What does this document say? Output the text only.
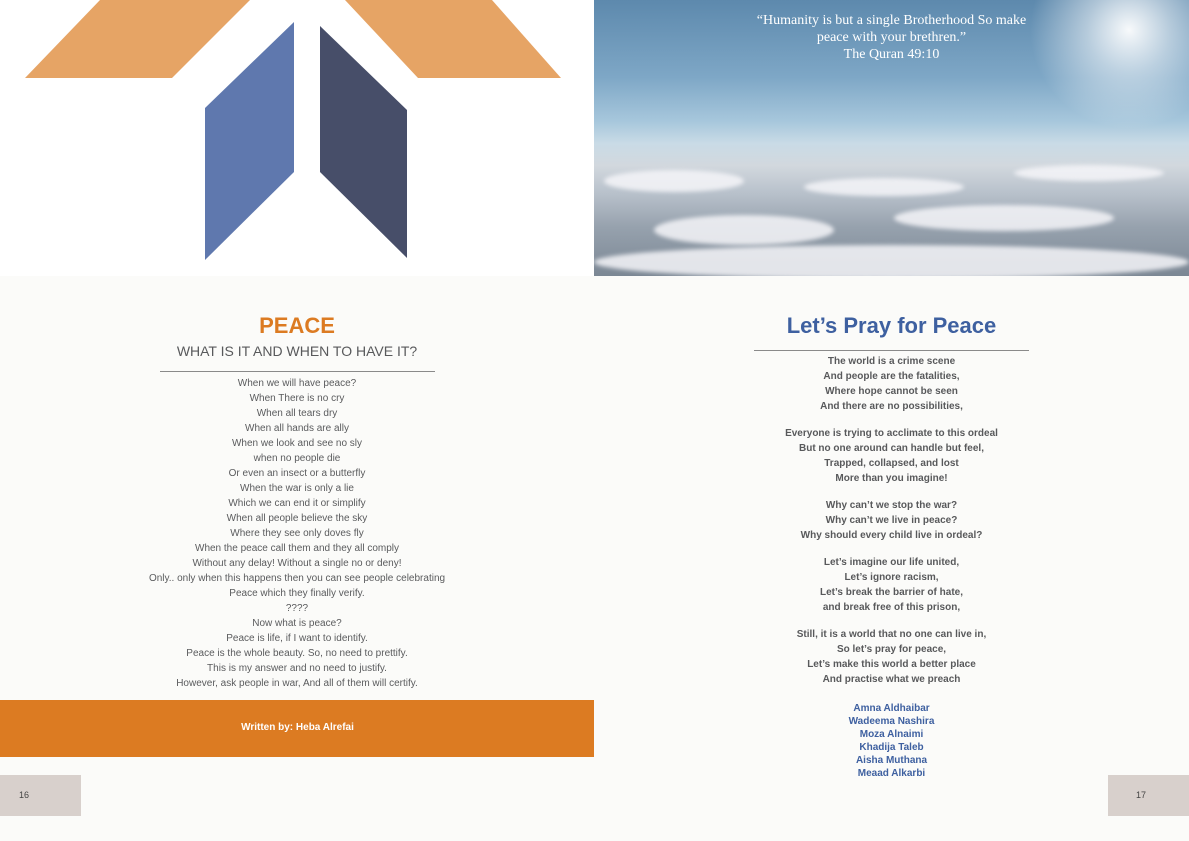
PEACE
WHAT IS IT AND WHEN TO HAVE IT?
When we will have peace?
When There is no cry
When all tears dry
When all hands are ally
When we look and see no sly
when no people die
Or even an insect or a butterfly
When the war is only a lie
Which we can end it or simplify
When all people believe the sky
Where they see only doves fly
When the peace call them and they all comply
Without any delay! Without a single no or deny!
Only.. only when this happens then you can see people celebrating
Peace which they finally verify.
????
Now what is peace?
Peace is life, if I want to identify.
Peace is the whole beauty. So, no need to prettify.
This is my answer and no need to justify.
However, ask people in war, And all of them will certify.
Written by: Heba Alrefai
16
“Humanity is but a single Brotherhood So make
peace with your brethren.”
The Quran 49:10
Let’s Pray for Peace
The world is a crime scene
And people are the fatalities,
Where hope cannot be seen
And there are no possibilities,
Everyone is trying to acclimate to this ordeal
But no one around can handle but feel,
Trapped, collapsed, and lost
More than you imagine!
Why can’t we stop the war?
Why can’t we live in peace?
Why should every child live in ordeal?
Let’s imagine our life united,
Let’s ignore racism,
Let’s break the barrier of hate,
and break free of this prison,
Still, it is a world that no one can live in,
So let’s pray for peace,
Let’s make this world a better place
And practise what we preach
Amna Aldhaibar
Wadeema Nashira
Moza Alnaimi
Khadija Taleb
Aisha Muthana
Meaad Alkarbi
17
